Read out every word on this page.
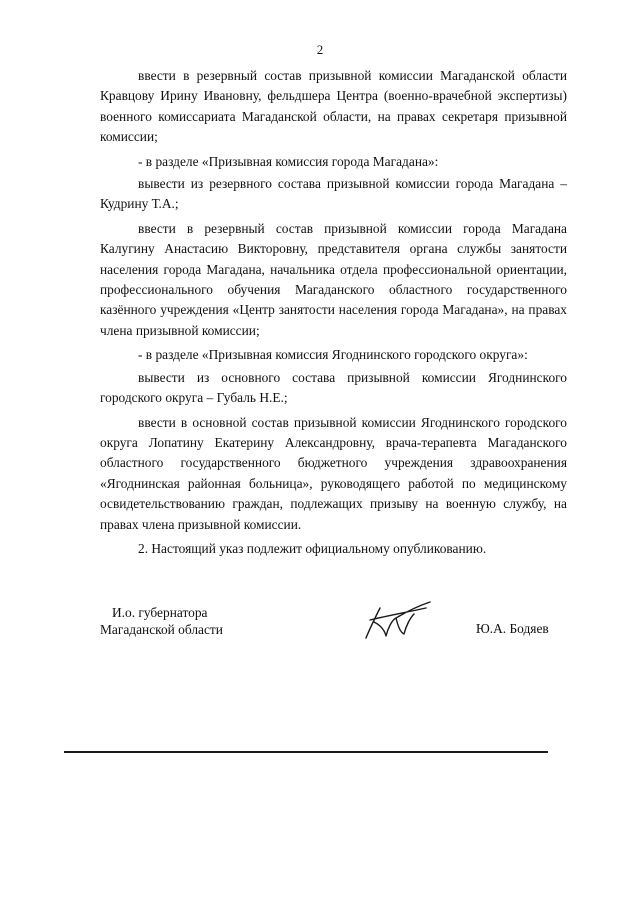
2

ввести в резервный состав призывной комиссии Магаданской области Кравцову Ирину Ивановну, фельдшера Центра (военно-врачебной экспертизы) военного комиссариата Магаданской области, на правах секретаря призывной комиссии;

- в разделе «Призывная комиссия города Магадана»:

вывести из резервного состава призывной комиссии города Магадана – Кудрину Т.А.;

ввести в резервный состав призывной комиссии города Магадана Калугину Анастасию Викторовну, представителя органа службы занятости населения города Магадана, начальника отдела профессиональной ориентации, профессионального обучения Магаданского областного государственного казённого учреждения «Центр занятости населения города Магадана», на правах члена призывной комиссии;

- в разделе «Призывная комиссия Ягоднинского городского округа»:

вывести из основного состава призывной комиссии Ягоднинского городского округа – Губаль Н.Е.;

ввести в основной состав призывной комиссии Ягоднинского городского округа Лопатину Екатерину Александровну, врача-терапевта Магаданского областного государственного бюджетного учреждения здравоохранения «Ягоднинская районная больница», руководящего работой по медицинскому освидетельствованию граждан, подлежащих призыву на военную службу, на правах члена призывной комиссии.

2. Настоящий указ подлежит официальному опубликованию.

И.о. губернатора
Магаданской области	Ю.А. Бодяев
